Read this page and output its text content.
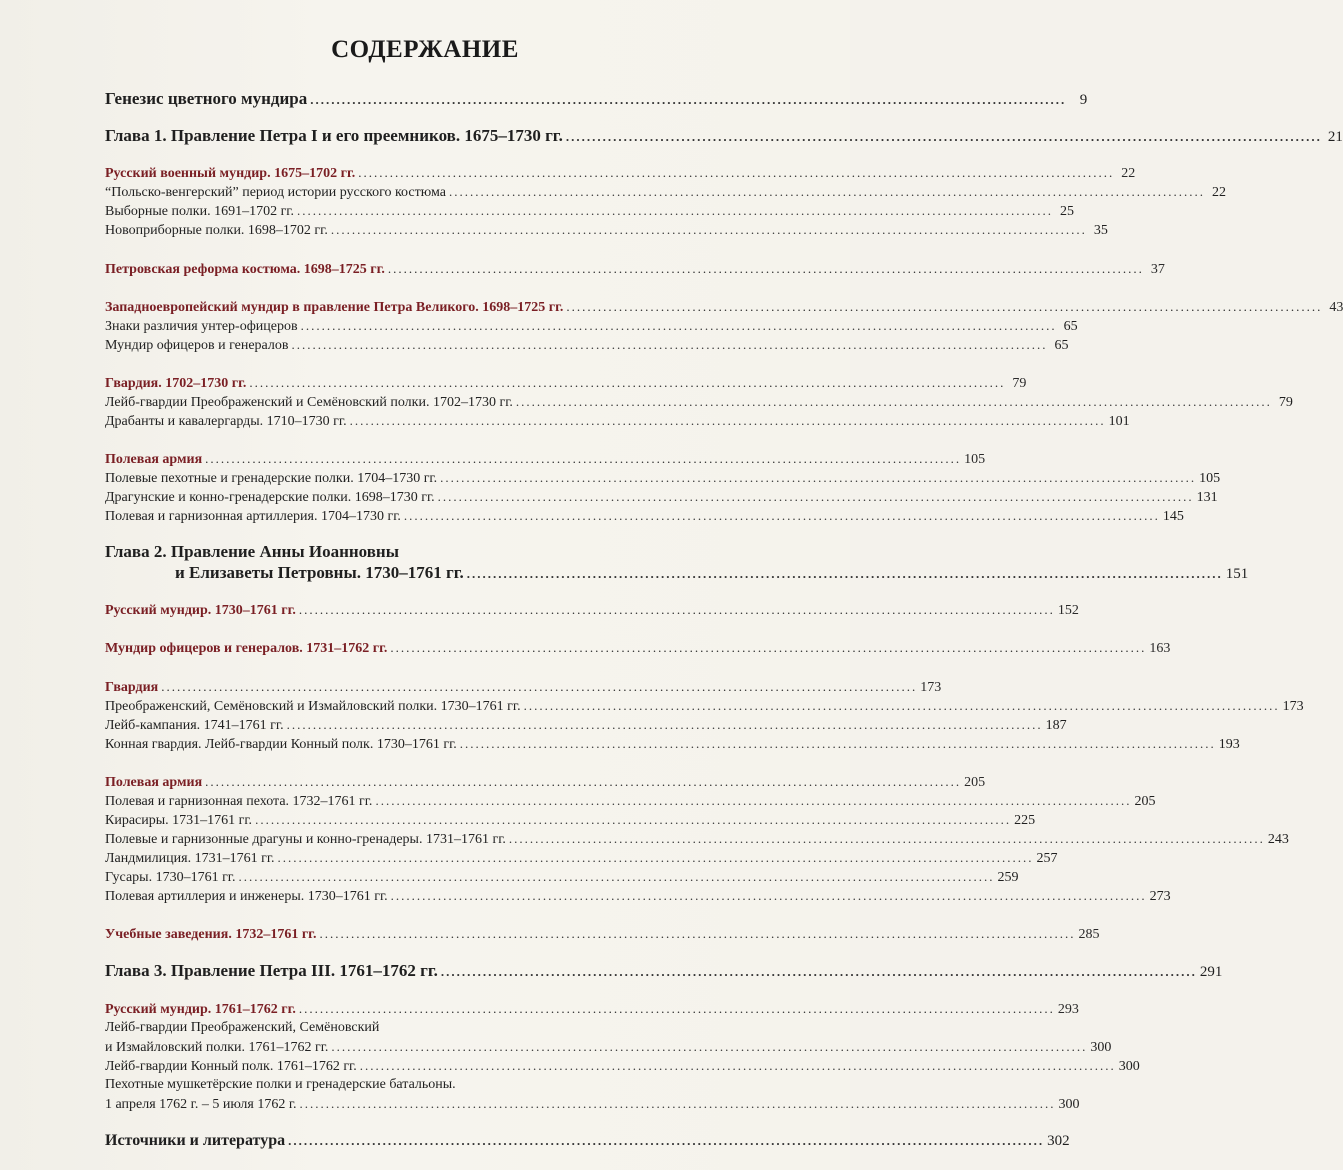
СОДЕРЖАНИЕ
Генезис цветного мундира ................................................................................................................................................ 9
Глава 1. Правление Петра I и его преемников. 1675–1730 гг. ................................................................................................................................................ 21
Русский военный мундир. 1675–1702 гг. ................................................................................................................................................ 22
“Польско-венгерский” период истории русского костюма ................................................................................................................................................ 22
Выборные полки. 1691–1702 гг. ................................................................................................................................................ 25
Новоприборные полки. 1698–1702 гг. ................................................................................................................................................ 35
Петровская реформа костюма. 1698–1725 гг. ................................................................................................................................................ 37
Западноевропейский мундир в правление Петра Великого. 1698–1725 гг. ................................................................................................................................................ 43
Знаки различия унтер-офицеров ................................................................................................................................................ 65
Мундир офицеров и генералов ................................................................................................................................................ 65
Гвардия. 1702–1730 гг. ................................................................................................................................................ 79
Лейб-гвардии Преображенский и Семёновский полки. 1702–1730 гг. ................................................................................................................................................ 79
Драбанты и кавалергарды. 1710–1730 гг. ................................................................................................................................................ 101
Полевая армия ................................................................................................................................................ 105
Полевые пехотные и гренадерские полки. 1704–1730 гг. ................................................................................................................................................ 105
Драгунские и конно-гренадерские полки. 1698–1730 гг. ................................................................................................................................................ 131
Полевая и гарнизонная артиллерия. 1704–1730 гг. ................................................................................................................................................ 145
Глава 2. Правление Анны Иоанновны
и Елизаветы Петровны. 1730–1761 гг. ................................................................................................................................................ 151
Русский мундир. 1730–1761 гг. ................................................................................................................................................ 152
Мундир офицеров и генералов. 1731–1762 гг. ................................................................................................................................................ 163
Гвардия ................................................................................................................................................ 173
Преображенский, Семёновский и Измайловский полки. 1730–1761 гг. ................................................................................................................................................ 173
Лейб-кампания. 1741–1761 гг. ................................................................................................................................................ 187
Конная гвардия. Лейб-гвардии Конный полк. 1730–1761 гг. ................................................................................................................................................ 193
Полевая армия ................................................................................................................................................ 205
Полевая и гарнизонная пехота. 1732–1761 гг. ................................................................................................................................................ 205
Кирасиры. 1731–1761 гг. ................................................................................................................................................ 225
Полевые и гарнизонные драгуны и конно-гренадеры. 1731–1761 гг. ................................................................................................................................................ 243
Ландмилиция. 1731–1761 гг. ................................................................................................................................................ 257
Гусары. 1730–1761 гг. ................................................................................................................................................ 259
Полевая артиллерия и инженеры. 1730–1761 гг. ................................................................................................................................................ 273
Учебные заведения. 1732–1761 гг. ................................................................................................................................................ 285
Глава 3. Правление Петра III. 1761–1762 гг. ................................................................................................................................................ 291
Русский мундир. 1761–1762 гг. ................................................................................................................................................ 293
Лейб-гвардии Преображенский, Семёновский
и Измайловский полки. 1761–1762 гг. ................................................................................................................................................ 300
Лейб-гвардии Конный полк. 1761–1762 гг. ................................................................................................................................................ 300
Пехотные мушкетёрские полки и гренадерские батальоны.
1 апреля 1762 г. – 5 июля 1762 г. ................................................................................................................................................ 300
Источники и литература ................................................................................................................................................ 302
